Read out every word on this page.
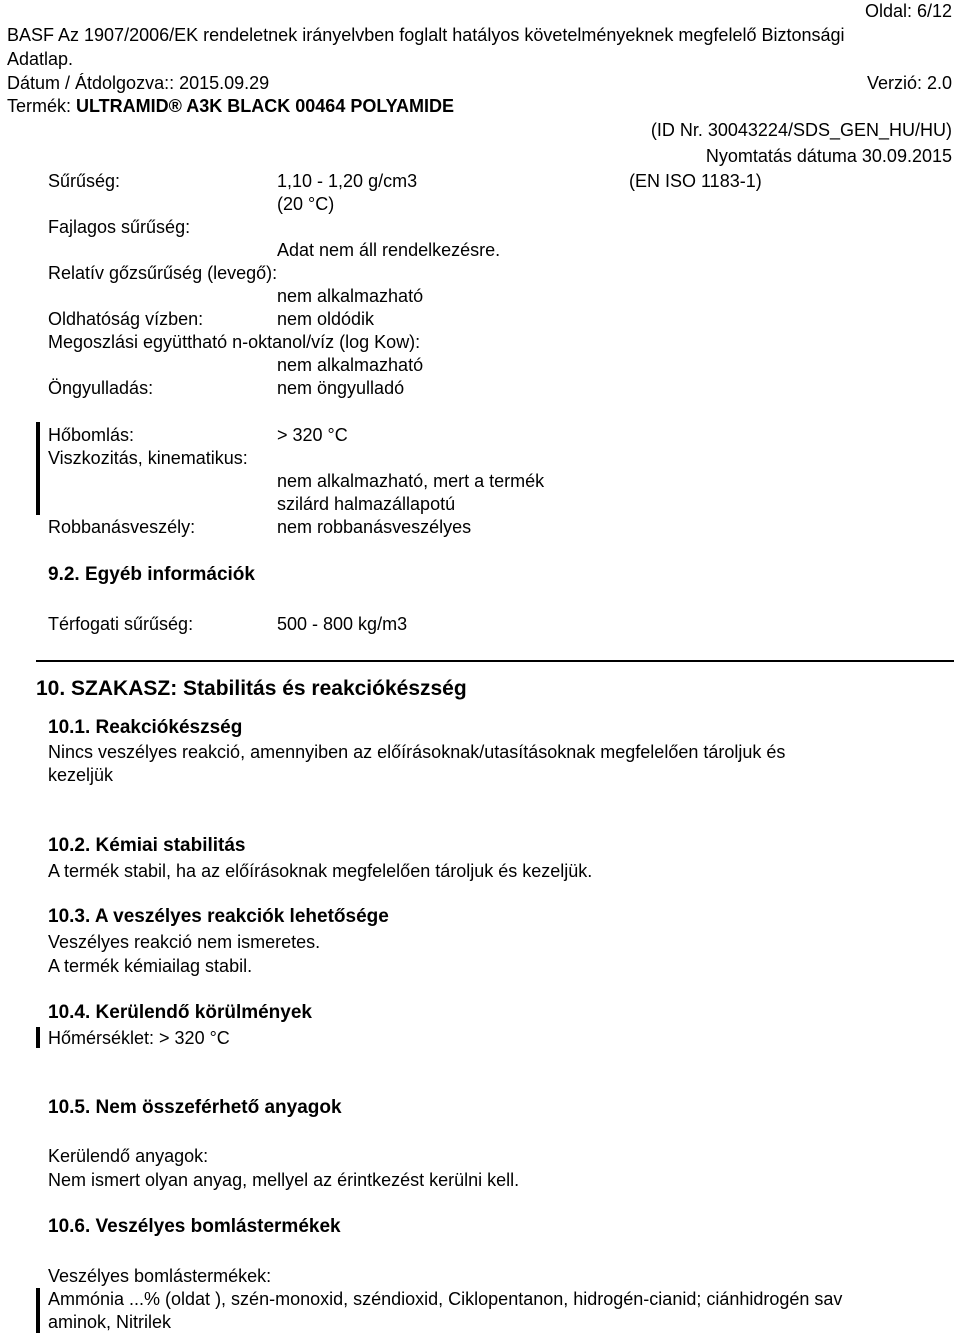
Oldal: 6/12
BASF Az 1907/2006/EK rendeletnek irányelvben foglalt hatályos követelményeknek megfelelő Biztonsági
Adatlap.
Dátum / Átdolgozva:: 2015.09.29	Verzió: 2.0
Termék: ULTRAMID® A3K BLACK 00464 POLYAMIDE
(ID Nr. 30043224/SDS_GEN_HU/HU)
Nyomtatás dátuma 30.09.2015
Sűrűség:	1,10 - 1,20 g/cm3	(EN ISO 1183-1)
(20 °C)
Fajlagos sűrűség:
Adat nem áll rendelkezésre.
Relatív gőzsűrűség (levegő):
nem alkalmazható
Oldhatóság vízben:	nem oldódik
Megoszlási együttható n-oktanol/víz (log Kow):
nem alkalmazható
Öngyulladás:	nem öngyulladó
Hőbomlás:	> 320 °C
Viszkozitás, kinematikus:
nem alkalmazható, mert a termék
szilárd halmazállapotú
Robbanásveszély:	nem robbanásveszélyes
9.2. Egyéb információk
Térfogati sűrűség:	500 - 800 kg/m3
10. SZAKASZ: Stabilitás és reakciókészség
10.1. Reakciókészség
Nincs veszélyes reakció, amennyiben az előírásoknak/utasításoknak megfelelően tároljuk és
kezeljük
10.2. Kémiai stabilitás
A termék stabil, ha az előírásoknak megfelelően tároljuk és kezeljük.
10.3. A veszélyes reakciók lehetősége
Veszélyes reakció nem ismeretes.
A termék kémiailag stabil.
10.4. Kerülendő körülmények
Hőmérséklet: > 320 °C
10.5. Nem összeférhető anyagok
Kerülendő anyagok:
Nem ismert olyan anyag, mellyel az érintkezést kerülni kell.
10.6. Veszélyes bomlástermékek
Veszélyes bomlástermékek:
Ammónia ...% (oldat ), szén-monoxid, széndioxid, Ciklopentanon, hidrogén-cianid; ciánhidrogén sav
aminok, Nitrilek
